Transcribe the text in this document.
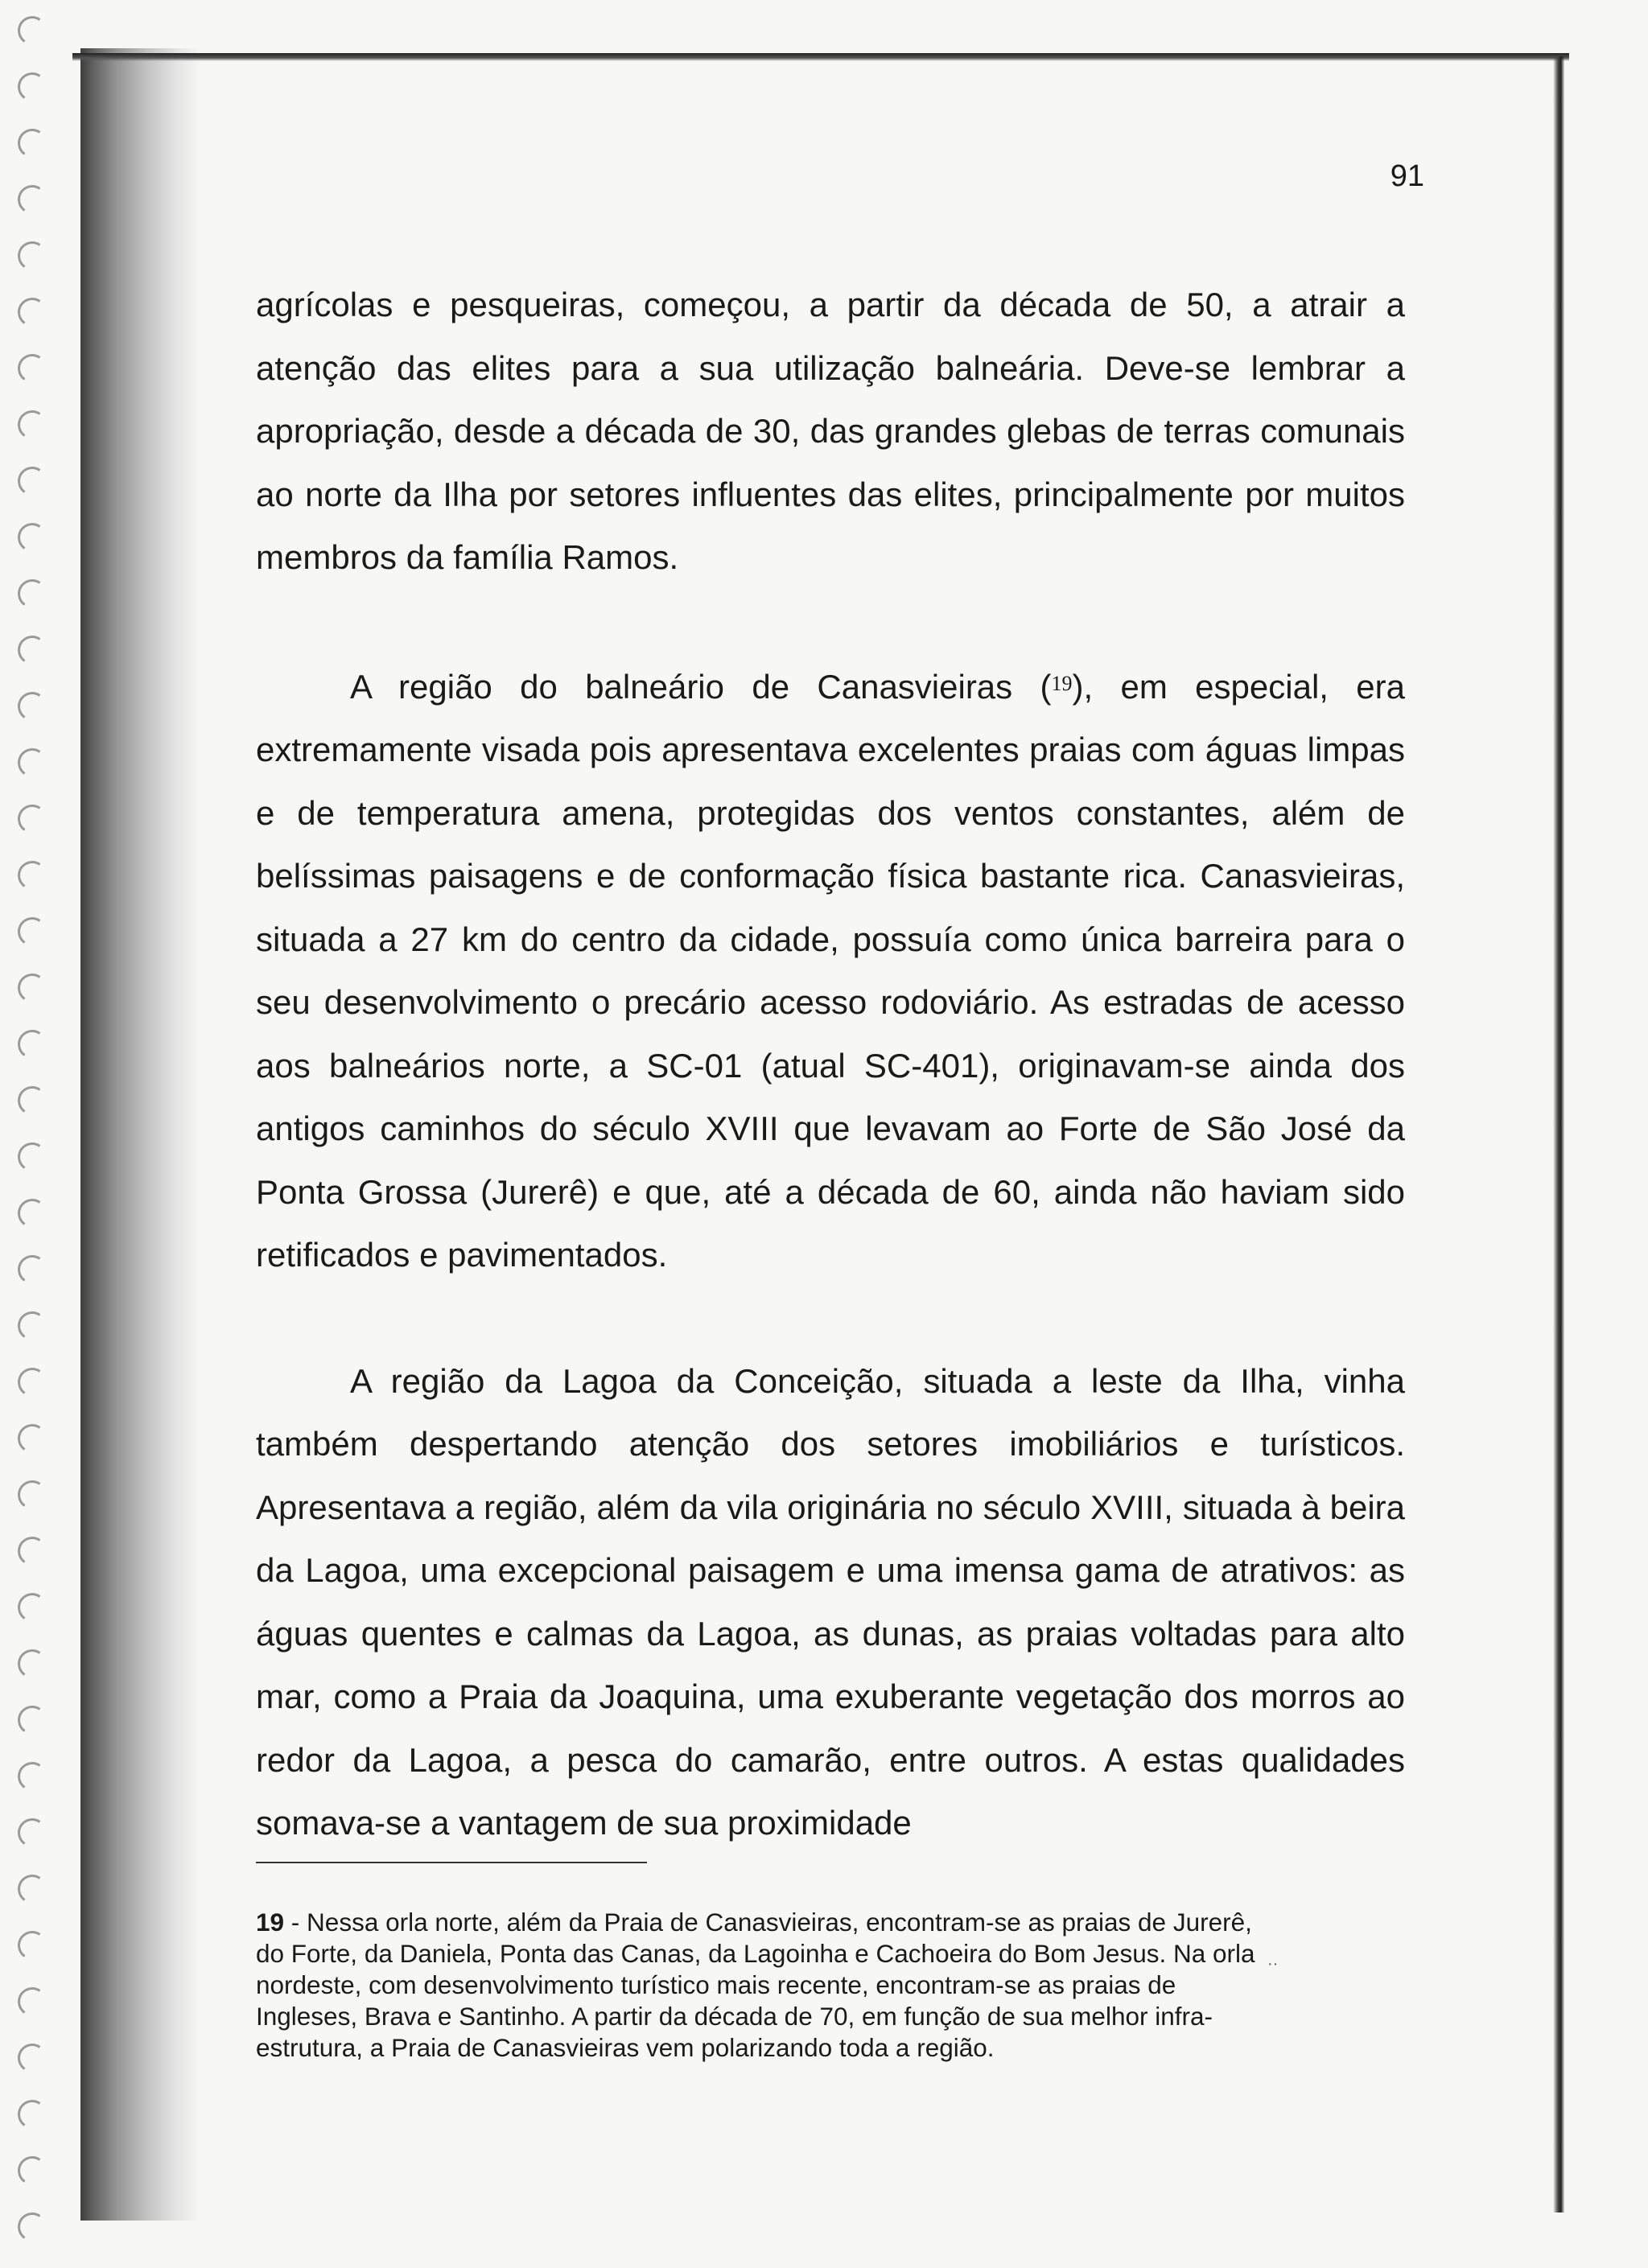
91

agrícolas e pesqueiras, começou, a partir da década de 50, a atrair a atenção das elites para a sua utilização balneária. Deve-se lembrar a apropriação, desde a década de 30, das grandes glebas de terras comunais ao norte da Ilha por setores influentes das elites, principalmente por muitos membros da família Ramos.

A região do balneário de Canasvieiras ($^{19}$), em especial, era extremamente visada pois apresentava excelentes praias com águas limpas e de temperatura amena, protegidas dos ventos constantes, além de belíssimas paisagens e de conformação física bastante rica. Canasvieiras, situada a 27 km do centro da cidade, possuía como única barreira para o seu desenvolvimento o precário acesso rodoviário. As estradas de acesso aos balneários norte, a SC-01 (atual SC-401), originavam-se ainda dos antigos caminhos do século XVIII que levavam ao Forte de São José da Ponta Grossa (Jurerê) e que, até a década de 60, ainda não haviam sido retificados e pavimentados.

A região da Lagoa da Conceição, situada a leste da Ilha, vinha também despertando atenção dos setores imobiliários e turísticos. Apresentava a região, além da vila originária no século XVIII, situada à beira da Lagoa, uma excepcional paisagem e uma imensa gama de atrativos: as águas quentes e calmas da Lagoa, as dunas, as praias voltadas para alto mar, como a Praia da Joaquina, uma exuberante vegetação dos morros ao redor da Lagoa, a pesca do camarão, entre outros. A estas qualidades somava-se a vantagem de sua proximidade

19 - Nessa orla norte, além da Praia de Canasvieiras, encontram-se as praias de Jurerê, do Forte, da Daniela, Ponta das Canas, da Lagoinha e Cachoeira do Bom Jesus. Na orla nordeste, com desenvolvimento turístico mais recente, encontram-se as praias de Ingleses, Brava e Santinho. A partir da década de 70, em função de sua melhor infra-estrutura, a Praia de Canasvieiras vem polarizando toda a região.
··
